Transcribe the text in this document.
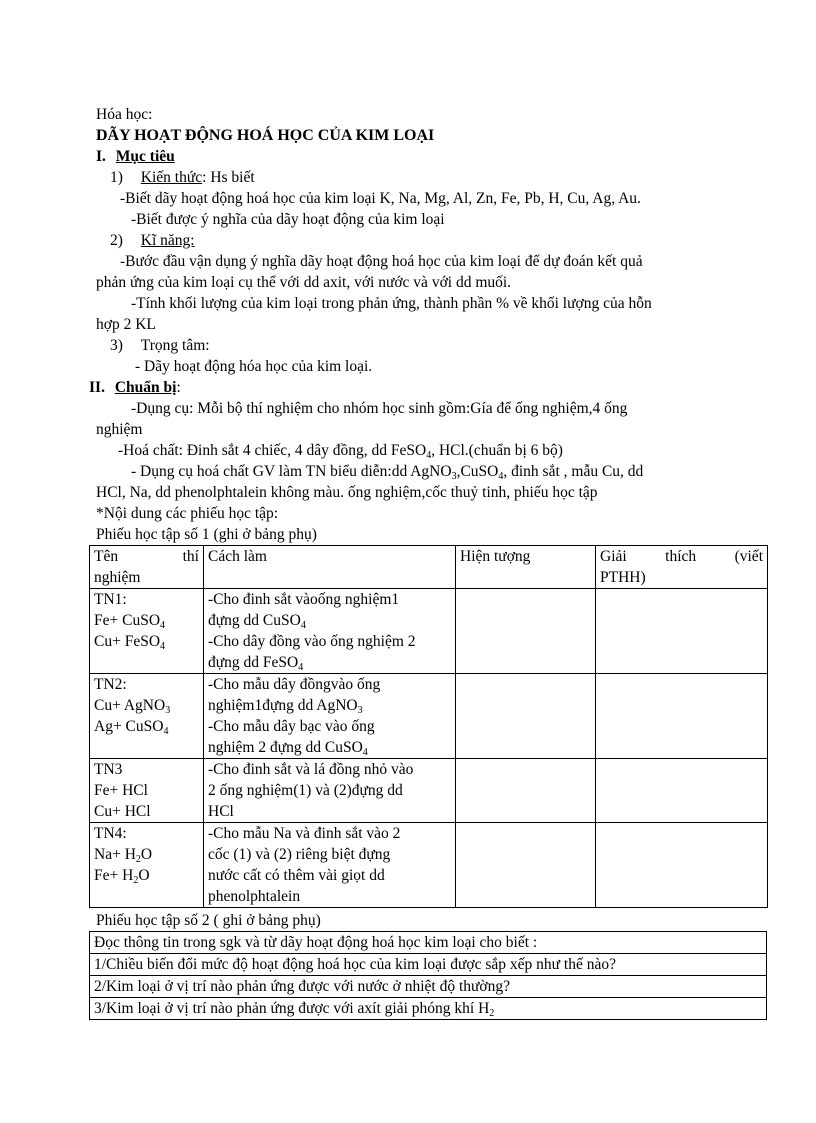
Hóa học:
DÃY HOẠT ĐỘNG HOÁ HỌC CỦA KIM LOẠI
I. Mục tiêu
1) Kiến thức: Hs biết
-Biết dãy hoạt động hoá học của kim loại K, Na, Mg, Al, Zn, Fe, Pb, H, Cu, Ag, Au.
-Biết được ý nghĩa của dãy hoạt động của kim loại
2) Kĩ năng:
-Bước đầu vận dụng ý nghĩa dãy hoạt động hoá học của kim loại để dự đoán kết quả
phản ứng của kim loại cụ thể với dd axit, với nước và với dd muối.
-Tính khối lượng của kim loại trong phản ứng, thành phần % về khối lượng của hỗn
hợp 2 KL
3) Trọng tâm:
- Dãy hoạt động hóa học của kim loại.
II. Chuẩn bị:
-Dụng cụ: Mỗi bộ thí nghiệm cho nhóm học sinh gồm:Gía để ống nghiệm,4 ống
nghiệm
-Hoá chất: Đinh sắt 4 chiếc, 4 dây đồng, dd FeSO$_4$, HCl.(chuẩn bị 6 bộ)
- Dụng cụ hoá chất GV làm TN biểu diễn:dd AgNO$_3$,CuSO$_4$, đinh sắt , mẫu Cu, dd
HCl, Na, dd phenolphtalein không màu. ống nghiệm,cốc thuỷ tinh, phiếu học tập
*Nội dung các phiếu học tập:
Phiếu học tập số 1 (ghi ở bảng phụ)
Tên thí
nghiệm	Cách làm	Hiện tượng	Giải thích (viết
PTHH)

TN1:
Fe+ CuSO$_4$
Cu+ FeSO$_4$	-Cho đinh sắt vàoống nghiệm1
đựng dd CuSO$_4$
-Cho dây đồng vào ống nghiệm 2
đựng dd FeSO$_4$

TN2:
Cu+ AgNO$_3$
Ag+ CuSO$_4$	-Cho mẫu dây đồngvào ống
nghiệm1đựng dd AgNO$_3$
-Cho mẫu dây bạc vào ống
nghiệm 2 đựng dd CuSO$_4$

TN3
Fe+ HCl
Cu+ HCl	-Cho đinh sắt và lá đồng nhỏ vào
2 ống nghiệm(1) và (2)đựng dd
HCl		

TN4:
$Na+ H_2O$
$Fe+ H_2O$	-Cho mẫu Na và đinh sắt vào 2
cốc (1) và (2) riêng biệt đựng
nước cất có thêm vài giọt dd
phenolphtalein		

Phiếu học tập số 2 ( ghi ở bảng phụ)
Đọc thông tin trong sgk và từ dãy hoạt động hoá học kim loại cho biết :
1/Chiều biến đổi mức độ hoạt động hoá học của kim loại được sắp xếp như thế nào?
2/Kim loại ở vị trí nào phản ứng được với nước ở nhiệt độ thường?
3/Kim loại ở vị trí nào phản ứng được với axít giải phóng khí $H_2$
